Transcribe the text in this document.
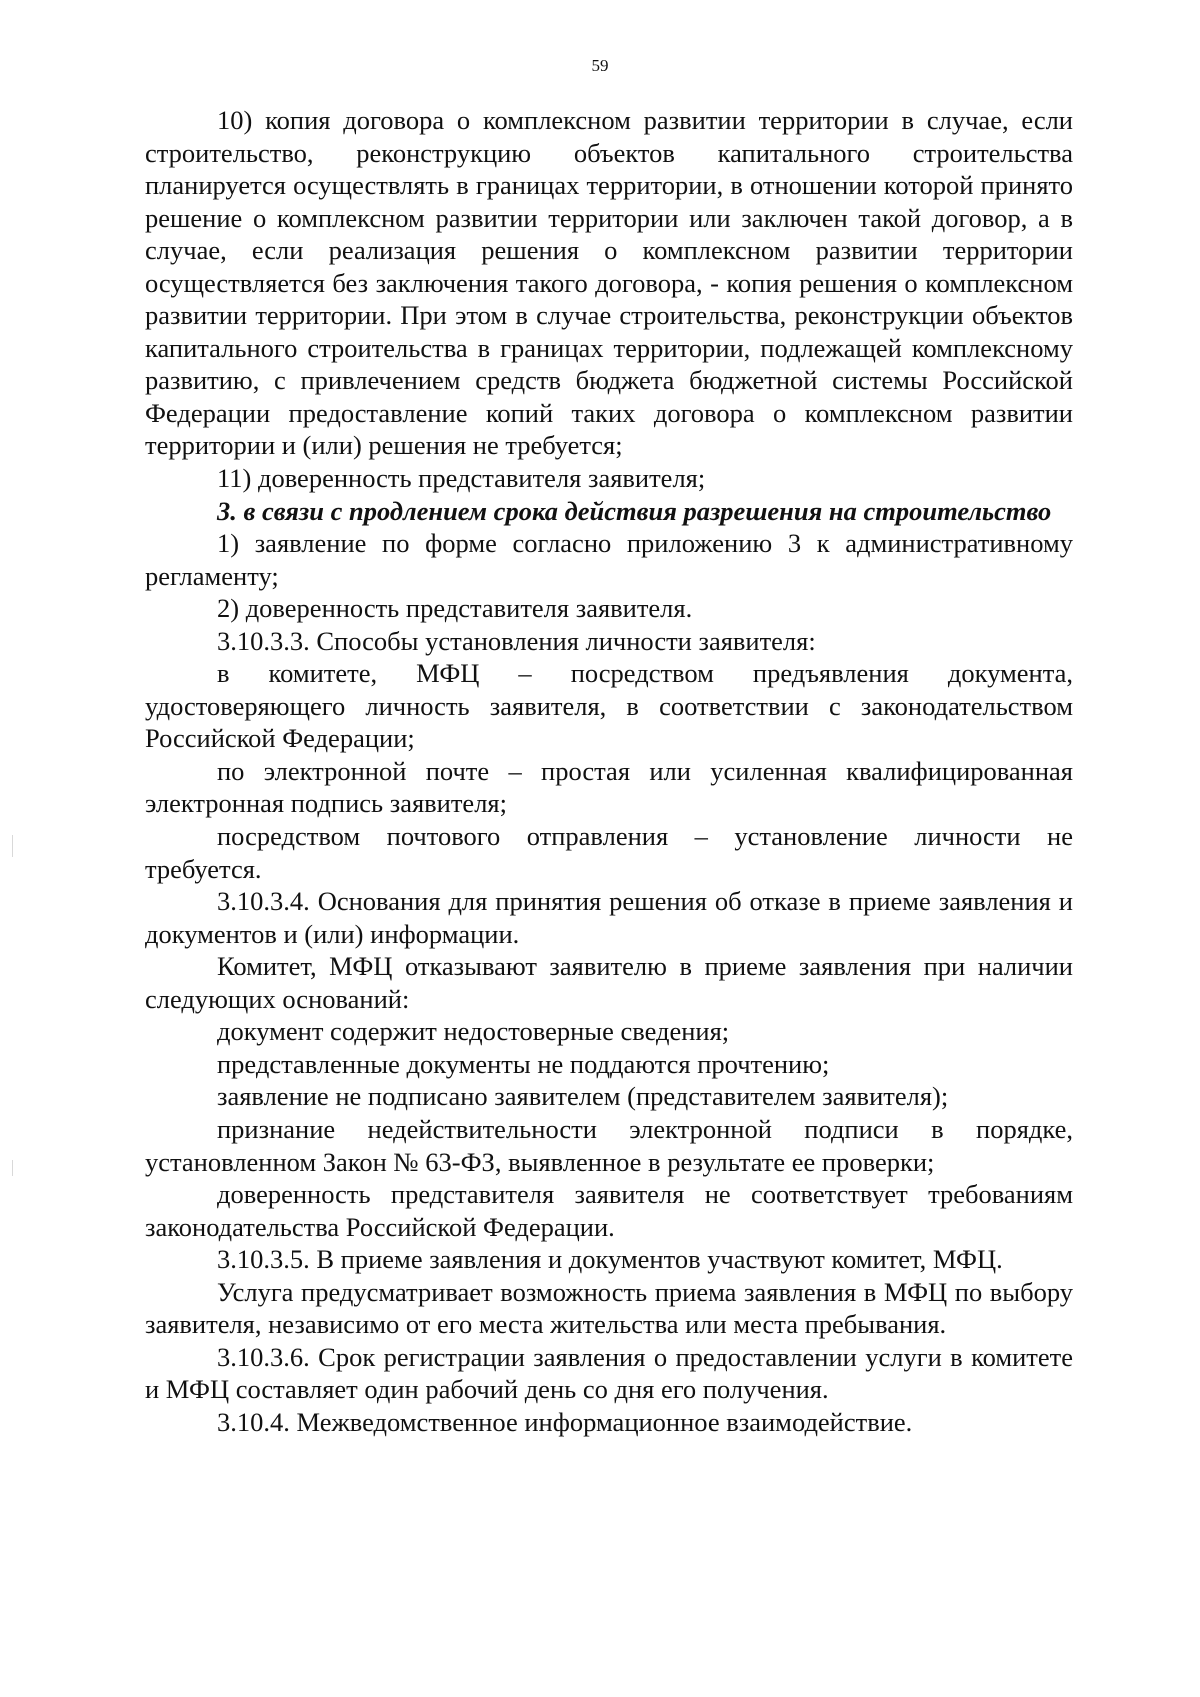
59

10) копия договора о комплексном развитии территории в случае, если строительство, реконструкцию объектов капитального строительства планируется осуществлять в границах территории, в отношении которой принято решение о комплексном развитии территории или заключен такой договор, а в случае, если реализация решения о комплексном развитии территории осуществляется без заключения такого договора, - копия решения о комплексном развитии территории. При этом в случае строительства, реконструкции объектов капитального строительства в границах территории, подлежащей комплексному развитию, с привлечением средств бюджета бюджетной системы Российской Федерации предоставление копий таких договора о комплексном развитии территории и (или) решения не требуется;

11) доверенность представителя заявителя;

3. в связи с продлением срока действия разрешения на строительство

1) заявление по форме согласно приложению 3 к административному регламенту;

2) доверенность представителя заявителя.

3.10.3.3. Способы установления личности заявителя:

в комитете, МФЦ – посредством предъявления документа, удостоверяющего личность заявителя, в соответствии с законодательством Российской Федерации;

по электронной почте – простая или усиленная квалифицированная электронная подпись заявителя;

посредством почтового отправления – установление личности не требуется.

3.10.3.4. Основания для принятия решения об отказе в приеме заявления и документов и (или) информации.

Комитет, МФЦ отказывают заявителю в приеме заявления при наличии следующих оснований:

документ содержит недостоверные сведения;

представленные документы не поддаются прочтению;

заявление не подписано заявителем (представителем заявителя);

признание недействительности электронной подписи в порядке, установленном Закон № 63-ФЗ, выявленное в результате ее проверки;

доверенность представителя заявителя не соответствует требованиям законодательства Российской Федерации.

3.10.3.5. В приеме заявления и документов участвуют комитет, МФЦ.

Услуга предусматривает возможность приема заявления в МФЦ по выбору заявителя, независимо от его места жительства или места пребывания.

3.10.3.6. Срок регистрации заявления о предоставлении услуги в комитете и МФЦ составляет один рабочий день со дня его получения.

3.10.4. Межведомственное информационное взаимодействие.
